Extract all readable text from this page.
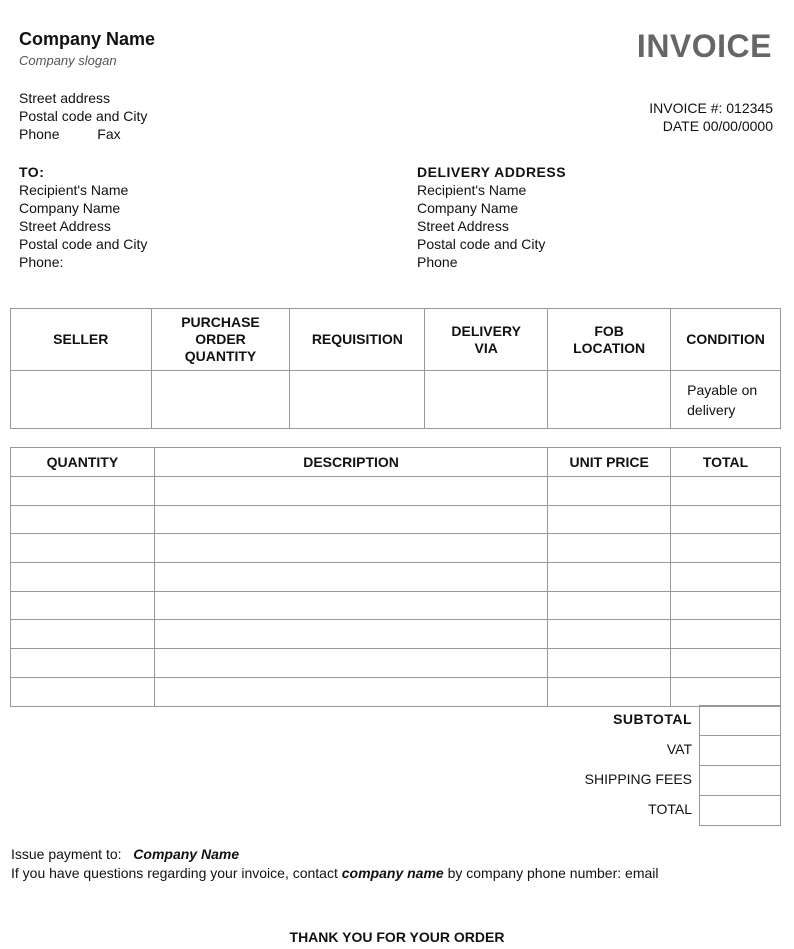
Company Name
Company slogan
Street address
Postal code and City
Phone	Fax
INVOICE
INVOICE #: 012345
DATE 00/00/0000
TO:
Recipient's Name
Company Name
Street Address
Postal code and City
Phone:
DELIVERY ADDRESS
Recipient's Name
Company Name
Street Address
Postal code and City
Phone
SELLER	PURCHASE ORDER QUANTITY	REQUISITION	DELIVERY VIA	FOB LOCATION	CONDITION

					Payable on delivery
QUANTITY	DESCRIPTION	UNIT PRICE	TOTAL

SUBTOTAL
VAT
SHIPPING FEES
TOTAL

Issue payment to: Company Name
If you have questions regarding your invoice, contact company name by company phone number: email
THANK YOU FOR YOUR ORDER
